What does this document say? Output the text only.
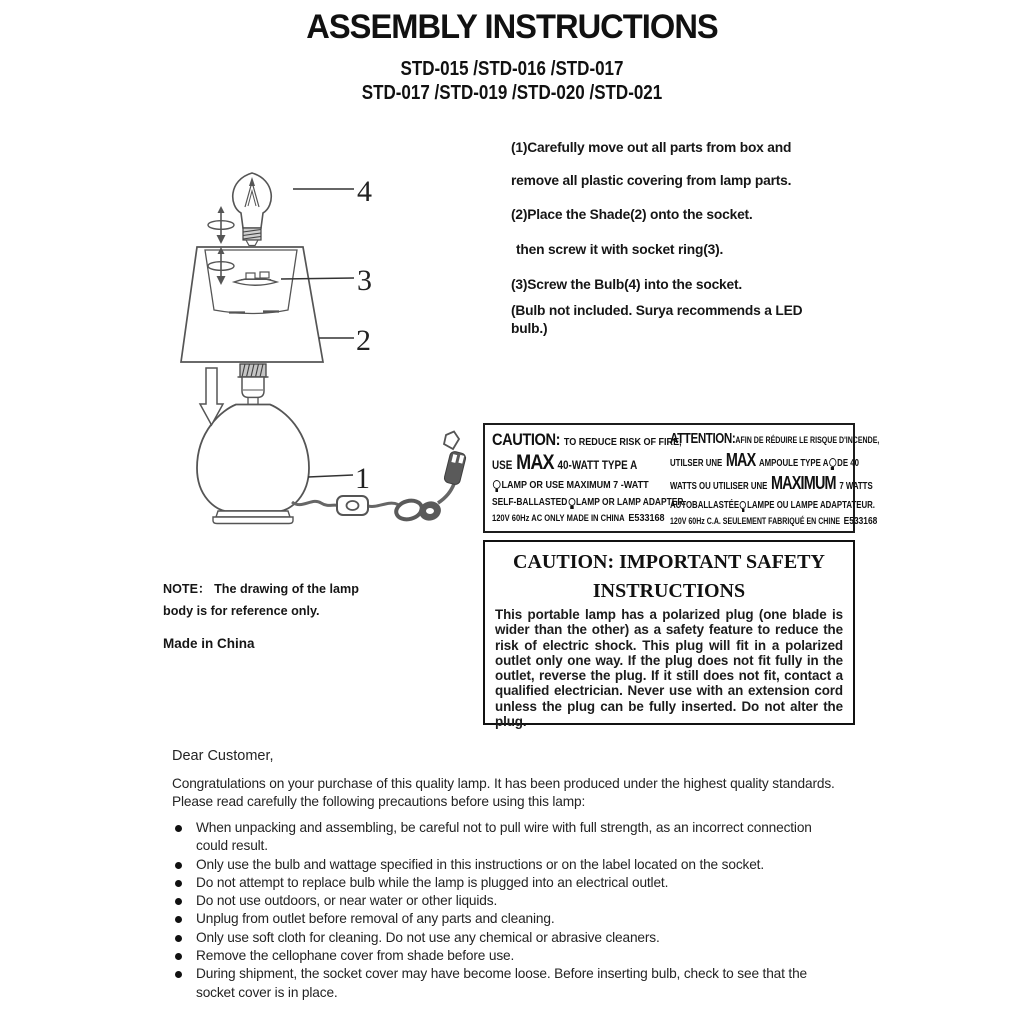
ASSEMBLY INSTRUCTIONS
STD-015 /STD-016 /STD-017
STD-017 /STD-019 /STD-020 /STD-021
4
3
2
1
(1)Carefully move out all parts from box and
remove all plastic covering from lamp parts.
(2)Place the Shade(2) onto the socket.
then screw it with socket ring(3).
(3)Screw the Bulb(4) into the socket.
(Bulb not included. Surya recommends a LED
bulb.)
CAUTION: TO REDUCE RISK OF FIRE,
USE MAX 40-WATT TYPE A
LAMP OR USE MAXIMUM 7 -WATT
SELF-BALLASTED LAMP OR LAMP ADAPTER.
120V 60Hz AC ONLY MADE IN CHINA E533168
ATTENTION:AFIN DE RÉDUIRE LE RISQUE D'INCENDE,
UTILSER UNE MAX AMPOULE TYPE A DE 40
WATTS OU UTILISER UNE MAXIMUM 7 WATTS
AUTOBALLASTÉE LAMPE OU LAMPE ADAPTATEUR.
120V 60Hz C.A. SEULEMENT FABRIQUÉ EN CHINE E533168
CAUTION: IMPORTANT SAFETY
INSTRUCTIONS

This portable lamp has a polarized plug (one blade is wider than the other) as a safety feature to reduce the risk of electric shock. This plug will fit in a polarized outlet only one way. If the plug does not fit fully in the outlet, reverse the plug. If it still does not fit, contact a qualified electrician. Never use with an extension cord unless the plug can be fully inserted. Do not alter the plug.

NOTE： The drawing of the lamp
body is for reference only.
Made in China
Dear Customer,

Congratulations on your purchase of this quality lamp. It has been produced under the highest quality standards. Please read carefully the following precautions before using this lamp:

When unpacking and assembling, be careful not to pull wire with full strength, as an incorrect connection could result.
Only use the bulb and wattage specified in this instructions or on the label located on the socket.
Do not attempt to replace bulb while the lamp is plugged into an electrical outlet.
Do not use outdoors, or near water or other liquids.
Unplug from outlet before removal of any parts and cleaning.
Only use soft cloth for cleaning. Do not use any chemical or abrasive cleaners.
Remove the cellophane cover from shade before use.
During shipment, the socket cover may have become loose. Before inserting bulb, check to see that the socket cover is in place.
